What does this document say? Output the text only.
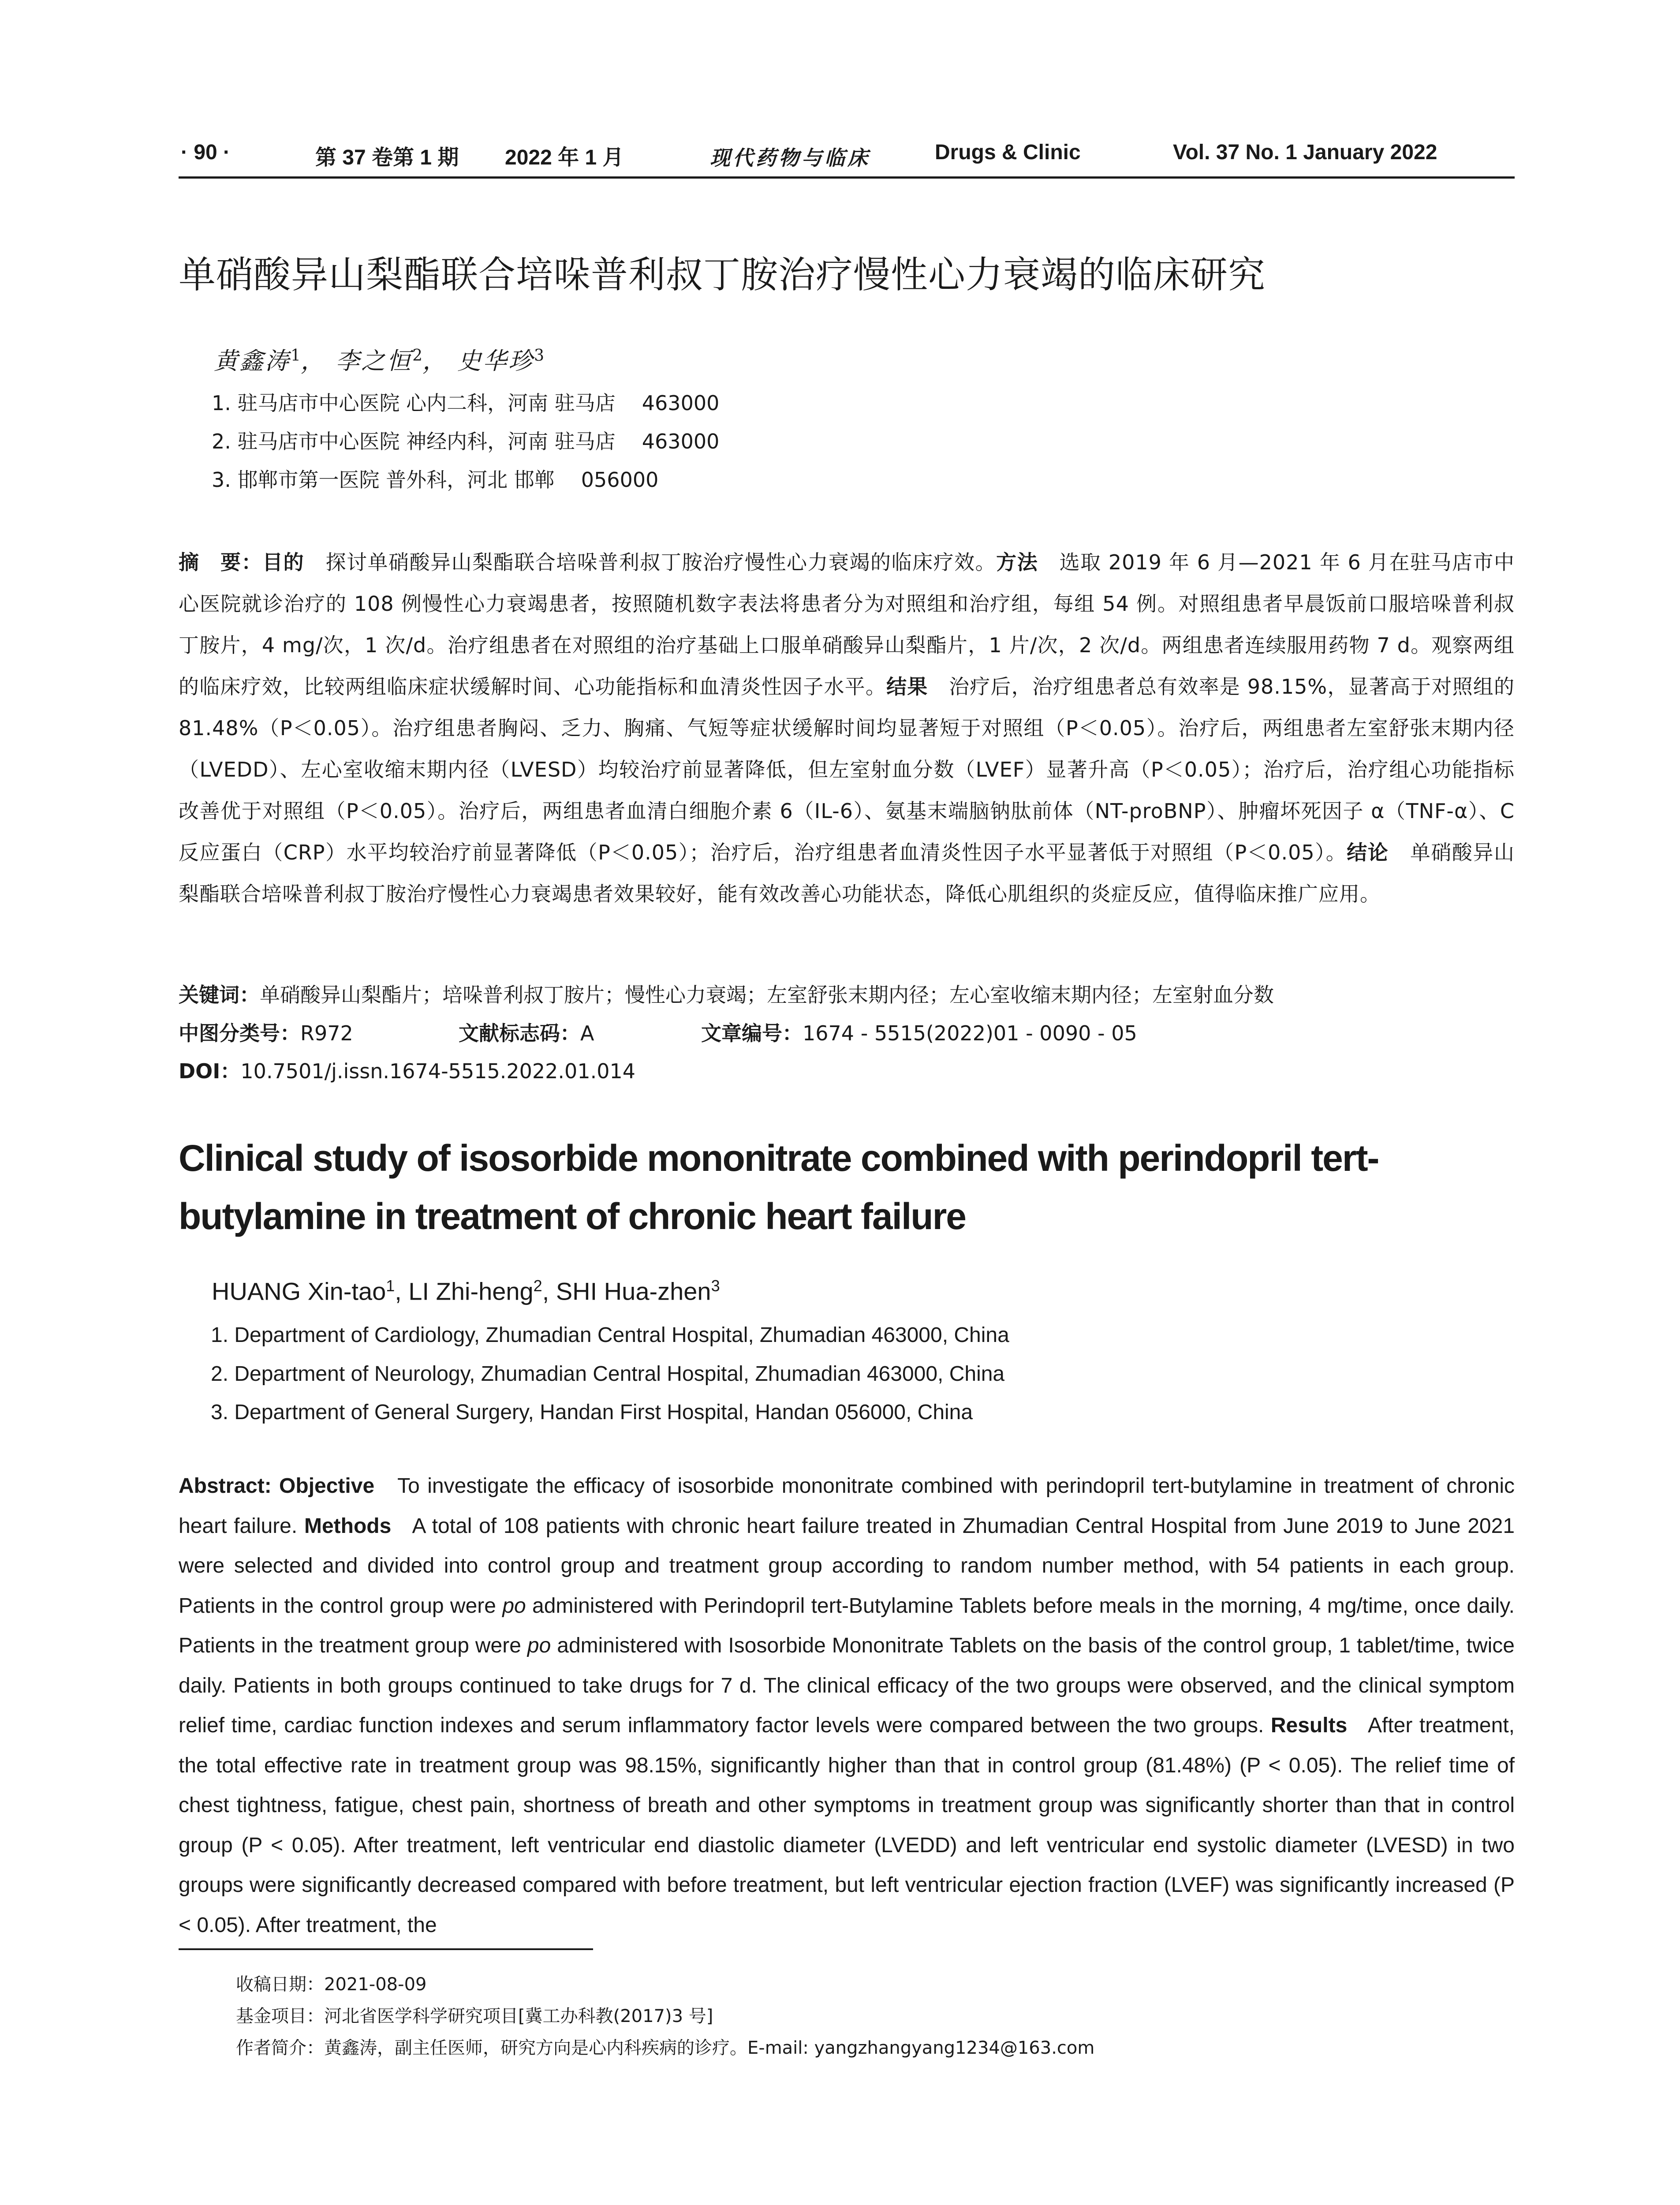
· 90 ·	第 37 卷第 1 期 2022 年 1 月	现代药物与临床	Drugs & Clinic	Vol. 37 No. 1 January 2022
单硝酸异山梨酯联合培哚普利叔丁胺治疗慢性心力衰竭的临床研究
黄鑫涛$^1$， 李之恒$^2$， 史华珍$^3$
1. 驻马店市中心医院 心内二科，河南 驻马店 463000
2. 驻马店市中心医院 神经内科，河南 驻马店 463000
3. 邯郸市第一医院 普外科，河北 邯郸 056000
摘　要：目的 探讨单硝酸异山梨酯联合培哚普利叔丁胺治疗慢性心力衰竭的临床疗效。方法 选取 2019 年 6 月—2021 年 6 月在驻马店市中心医院就诊治疗的 108 例慢性心力衰竭患者，按照随机数字表法将患者分为对照组和治疗组，每组 54 例。对照组患者早晨饭前口服培哚普利叔丁胺片，4 mg/次，1 次/d。治疗组患者在对照组的治疗基础上口服单硝酸异山梨酯片，1 片/次，2 次/d。两组患者连续服用药物 7 d。观察两组的临床疗效，比较两组临床症状缓解时间、心功能指标和血清炎性因子水平。结果 治疗后，治疗组患者总有效率是 98.15%，显著高于对照组的 81.48%（P＜0.05）。治疗组患者胸闷、乏力、胸痛、气短等症状缓解时间均显著短于对照组（P＜0.05）。治疗后，两组患者左室舒张末期内径（LVEDD）、左心室收缩末期内径（LVESD）均较治疗前显著降低，但左室射血分数（LVEF）显著升高（P＜0.05）；治疗后，治疗组心功能指标改善优于对照组（P＜0.05）。治疗后，两组患者血清白细胞介素 6（IL-6）、氨基末端脑钠肽前体（NT-proBNP）、肿瘤坏死因子 α（TNF-α）、C 反应蛋白（CRP）水平均较治疗前显著降低（P＜0.05）；治疗后，治疗组患者血清炎性因子水平显著低于对照组（P＜0.05）。结论 单硝酸异山梨酯联合培哚普利叔丁胺治疗慢性心力衰竭患者效果较好，能有效改善心功能状态，降低心肌组织的炎症反应，值得临床推广应用。
关键词：单硝酸异山梨酯片；培哚普利叔丁胺片；慢性心力衰竭；左室舒张末期内径；左心室收缩末期内径；左室射血分数
中图分类号：R972	文献标志码：A	文章编号：1674 - 5515(2022)01 - 0090 - 05
DOI：10.7501/j.issn.1674-5515.2022.01.014
Clinical study of isosorbide mononitrate combined with perindopril tert-butylamine in treatment of chronic heart failure
HUANG Xin-tao$^1$, LI Zhi-heng$^2$, SHI Hua-zhen$^3$
1. Department of Cardiology, Zhumadian Central Hospital, Zhumadian 463000, China
2. Department of Neurology, Zhumadian Central Hospital, Zhumadian 463000, China
3. Department of General Surgery, Handan First Hospital, Handan 056000, China
Abstract: Objective To investigate the efficacy of isosorbide mononitrate combined with perindopril tert-butylamine in treatment of chronic heart failure. Methods A total of 108 patients with chronic heart failure treated in Zhumadian Central Hospital from June 2019 to June 2021 were selected and divided into control group and treatment group according to random number method, with 54 patients in each group. Patients in the control group were po administered with Perindopril tert-Butylamine Tablets before meals in the morning, 4 mg/time, once daily. Patients in the treatment group were po administered with Isosorbide Mononitrate Tablets on the basis of the control group, 1 tablet/time, twice daily. Patients in both groups continued to take drugs for 7 d. The clinical efficacy of the two groups were observed, and the clinical symptom relief time, cardiac function indexes and serum inflammatory factor levels were compared between the two groups. Results After treatment, the total effective rate in treatment group was 98.15%, significantly higher than that in control group (81.48%) (P < 0.05). The relief time of chest tightness, fatigue, chest pain, shortness of breath and other symptoms in treatment group was significantly shorter than that in control group (P < 0.05). After treatment, left ventricular end diastolic diameter (LVEDD) and left ventricular end systolic diameter (LVESD) in two groups were significantly decreased compared with before treatment, but left ventricular ejection fraction (LVEF) was significantly increased (P < 0.05). After treatment, the
收稿日期：2021-08-09
基金项目：河北省医学科学研究项目[冀工办科教(2017)3 号]
作者简介：黄鑫涛，副主任医师，研究方向是心内科疾病的诊疗。E-mail: yangzhangyang1234@163.com
